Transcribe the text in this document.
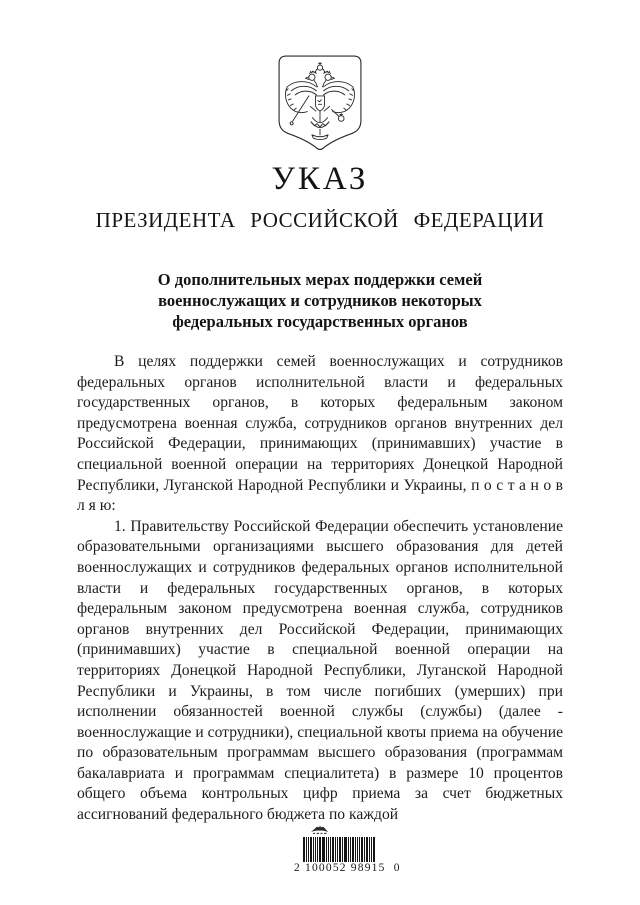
УКАЗ
ПРЕЗИДЕНТА РОССИЙСКОЙ ФЕДЕРАЦИИ
О дополнительных мерах поддержки семей военнослужащих и сотрудников некоторых федеральных государственных органов

В целях поддержки семей военнослужащих и сотрудников федеральных органов исполнительной власти и федеральных государственных органов, в которых федеральным законом предусмотрена военная служба, сотрудников органов внутренних дел Российской Федерации, принимающих (принимавших) участие в специальной военной операции на территориях Донецкой Народной Республики, Луганской Народной Республики и Украины, п о с т а н о в л я ю:

1. Правительству Российской Федерации обеспечить установление образовательными организациями высшего образования для детей военнослужащих и сотрудников федеральных органов исполнительной власти и федеральных государственных органов, в которых федеральным законом предусмотрена военная служба, сотрудников органов внутренних дел Российской Федерации, принимающих (принимавших) участие в специальной военной операции на территориях Донецкой Народной Республики, Луганской Народной Республики и Украины, в том числе погибших (умерших) при исполнении обязанностей военной службы (службы) (далее - военнослужащие и сотрудники), специальной квоты приема на обучение по образовательным программам высшего образования (программам бакалавриата и программам специалитета) в размере 10 процентов общего объема контрольных цифр приема за счет бюджетных ассигнований федерального бюджета по каждой

2 100052 98915  0
